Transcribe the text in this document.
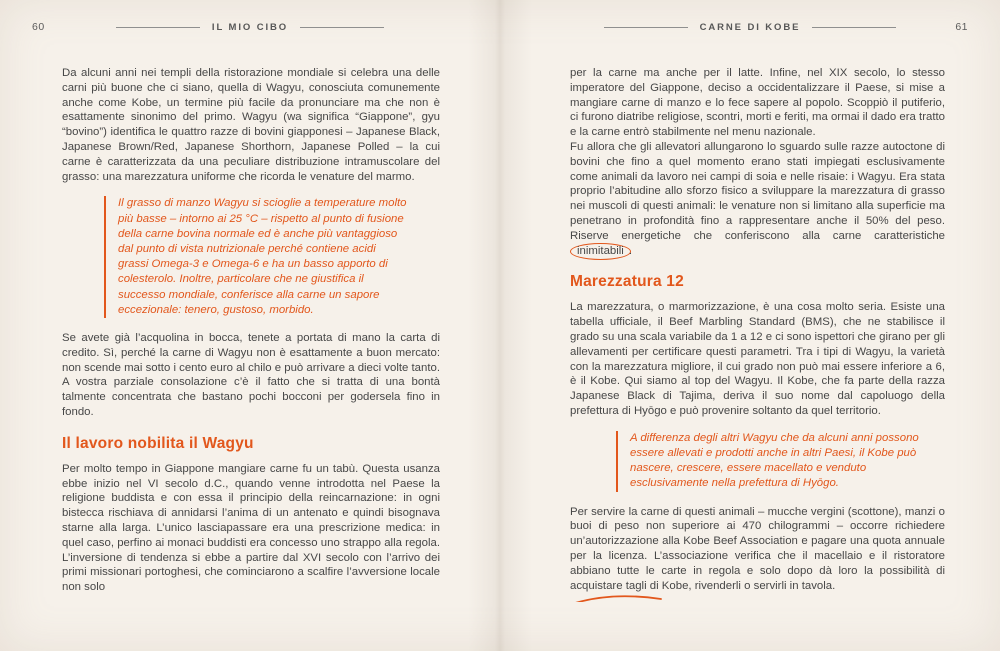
60	IL MIO CIBO

Da alcuni anni nei templi della ristorazione mondiale si celebra una delle carni più buone che ci siano, quella di Wagyu, conosciuta comunemente anche come Kobe, un termine più facile da pronunciare ma che non è esattamente sinonimo del primo. Wagyu (wa significa “Giappone”, gyu “bovino”) identifica le quattro razze di bovini giapponesi – Japanese Black, Japanese Brown/Red, Japanese Shorthorn, Japanese Polled – la cui carne è caratterizzata da una peculiare distribuzione intramuscolare del grasso: una marezzatura uniforme che ricorda le venature del marmo.

Il grasso di manzo Wagyu si scioglie a temperature molto più basse – intorno ai 25 °C – rispetto al punto di fusione della carne bovina normale ed è anche più vantaggioso dal punto di vista nutrizionale perché contiene acidi grassi Omega-3 e Omega-6 e ha un basso apporto di colesterolo. Inoltre, particolare che ne giustifica il successo mondiale, conferisce alla carne un sapore eccezionale: tenero, gustoso, morbido.

Se avete già l’acquolina in bocca, tenete a portata di mano la carta di credito. Sì, perché la carne di Wagyu non è esattamente a buon mercato: non scende mai sotto i cento euro al chilo e può arrivare a dieci volte tanto. A vostra parziale consolazione c’è il fatto che si tratta di una bontà talmente concentrata che bastano pochi bocconi per godersela fino in fondo.

Il lavoro nobilita il Wagyu

Per molto tempo in Giappone mangiare carne fu un tabù. Questa usanza ebbe inizio nel VI secolo d.C., quando venne introdotta nel Paese la religione buddista e con essa il principio della reincarnazione: in ogni bistecca rischiava di annidarsi l’anima di un antenato e quindi bisognava starne alla larga. L’unico lasciapassare era una prescrizione medica: in quel caso, perfino ai monaci buddisti era concesso uno strappo alla regola. L’inversione di tendenza si ebbe a partire dal XVI secolo con l’arrivo dei primi missionari portoghesi, che cominciarono a scalfire l’avversione locale non solo

CARNE DI KOBE	61

per la carne ma anche per il latte. Infine, nel XIX secolo, lo stesso imperatore del Giappone, deciso a occidentalizzare il Paese, si mise a mangiare carne di manzo e lo fece sapere al popolo. Scoppiò il putiferio, ci furono diatribe religiose, scontri, morti e feriti, ma ormai il dado era tratto e la carne entrò stabilmente nel menu nazionale.

Fu allora che gli allevatori allungarono lo sguardo sulle razze autoctone di bovini che fino a quel momento erano stati impiegati esclusivamente come animali da lavoro nei campi di soia e nelle risaie: i Wagyu. Era stata proprio l’abitudine allo sforzo fisico a sviluppare la marezzatura di grasso nei muscoli di questi animali: le venature non si limitano alla superficie ma penetrano in profondità fino a rappresentare anche il 50% del peso. Riserve energetiche che conferiscono alla carne caratteristiche inimitabili .

Marezzatura 12

La marezzatura, o marmorizzazione, è una cosa molto seria. Esiste una tabella ufficiale, il Beef Marbling Standard (BMS), che ne stabilisce il grado su una scala variabile da 1 a 12 e ci sono ispettori che girano per gli allevamenti per certificare questi parametri. Tra i tipi di Wagyu, la varietà con la marezzatura migliore, il cui grado non può mai essere inferiore a 6, è il Kobe. Qui siamo al top del Wagyu. Il Kobe, che fa parte della razza Japanese Black di Tajima, deriva il suo nome dal capoluogo della prefettura di Hyōgo e può provenire soltanto da quel territorio.

A differenza degli altri Wagyu che da alcuni anni possono essere allevati e prodotti anche in altri Paesi, il Kobe può nascere, crescere, essere macellato e venduto esclusivamente nella prefettura di Hyōgo.

Per servire la carne di questi animali – mucche vergini (scottone), manzi o buoi di peso non superiore ai 470 chilogrammi – occorre richiedere un’autorizzazione alla Kobe Beef Association e pagare una quota annuale per la licenza. L’associazione verifica che il macellaio e il ristoratore abbiano tutte le carte in regola e solo dopo dà loro la possibilità di acquistare tagli di Kobe, rivenderli o servirli in tavola.
